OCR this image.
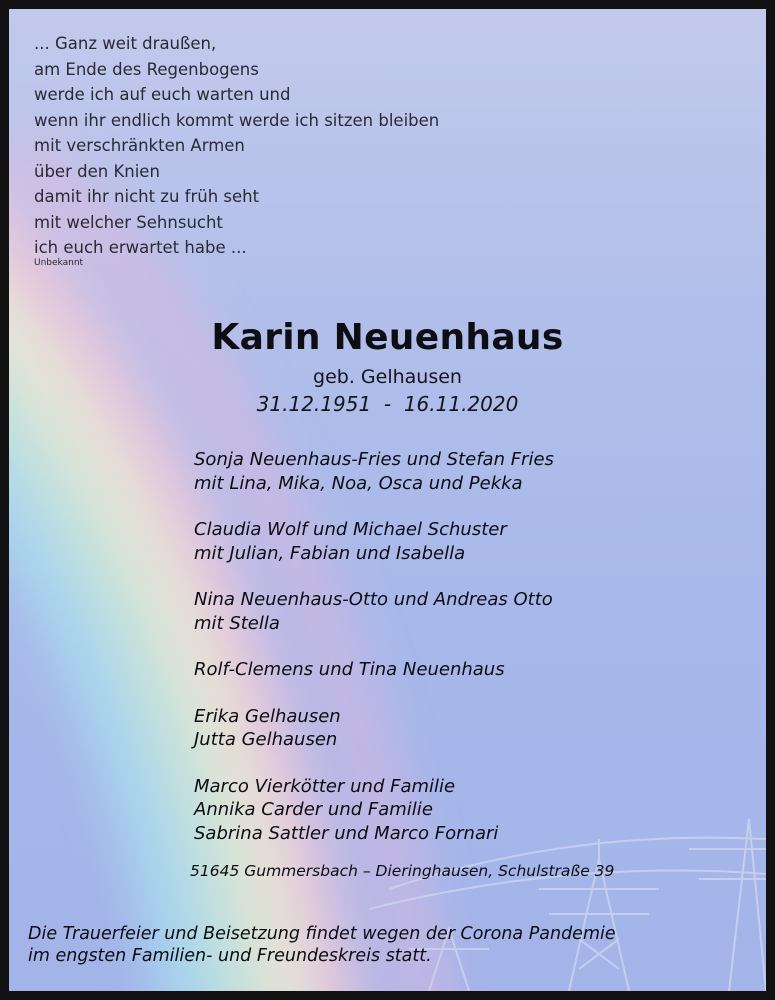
... Ganz weit draußen,
am Ende des Regenbogens
werde ich auf euch warten und
wenn ihr endlich kommt werde ich sitzen bleiben
mit verschränkten Armen
über den Knien
damit ihr nicht zu früh seht
mit welcher Sehnsucht
ich euch erwartet habe ...
Unbekannt
Karin Neuenhaus
geb. Gelhausen
31.12.1951  -  16.11.2020
Sonja Neuenhaus-Fries und Stefan Fries
mit Lina, Mika, Noa, Osca und Pekka
Claudia Wolf und Michael Schuster
mit Julian, Fabian und Isabella
Nina Neuenhaus-Otto und Andreas Otto
mit Stella
Rolf-Clemens und Tina Neuenhaus
Erika Gelhausen
Jutta Gelhausen
Marco Vierkötter und Familie
Annika Carder und Familie
Sabrina Sattler und Marco Fornari
51645 Gummersbach – Dieringhausen, Schulstraße 39
Die Trauerfeier und Beisetzung findet wegen der Corona Pandemie
im engsten Familien- und Freundeskreis statt.
